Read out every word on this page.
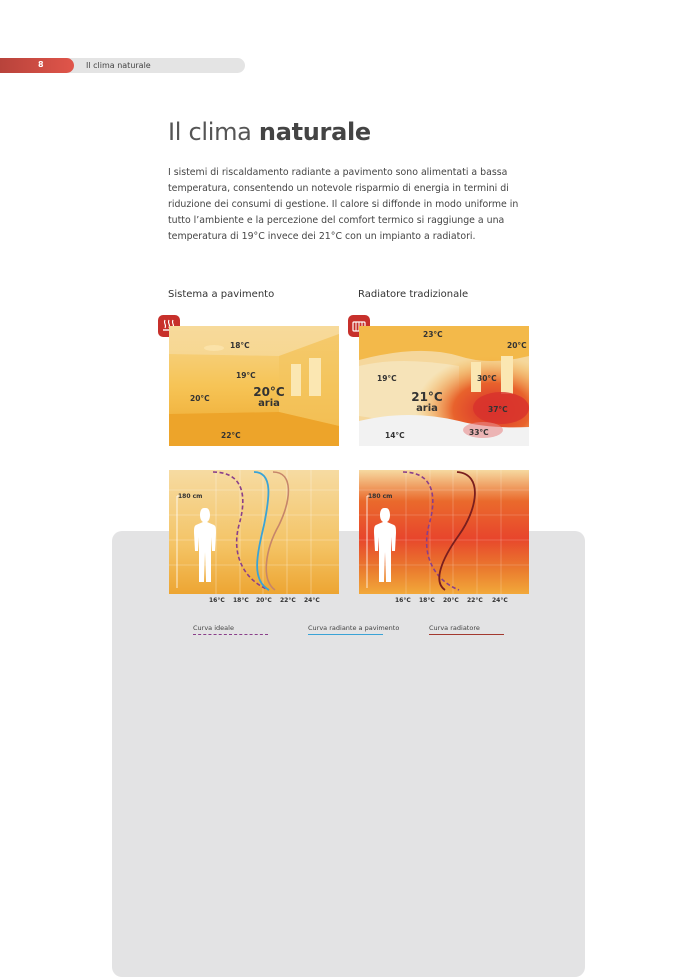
8	Il clima naturale
Il clima naturale
I sistemi di riscaldamento radiante a pavimento sono alimentati a bassa temperatura, consentendo un notevole risparmio di energia in termini di riduzione dei consumi di gestione. Il calore si diffonde in modo uniforme in tutto l’ambiente e la percezione del comfort termico si raggiunge a una temperatura di 19°C invece dei 21°C con un impianto a radiatori.
Sistema a pavimento	Radiatore tradizionale
18°C
19°C
20°C
22°C
20°C
aria
23°C
20°C
19°C	30°C
37°C
33°C
14°C
21°C
aria
180 cm	180 cm
16°C 18°C 20°C 22°C 24°C	16°C 18°C 20°C 22°C 24°C
Curva ideale	Curva radiante a pavimento	Curva radiatore
